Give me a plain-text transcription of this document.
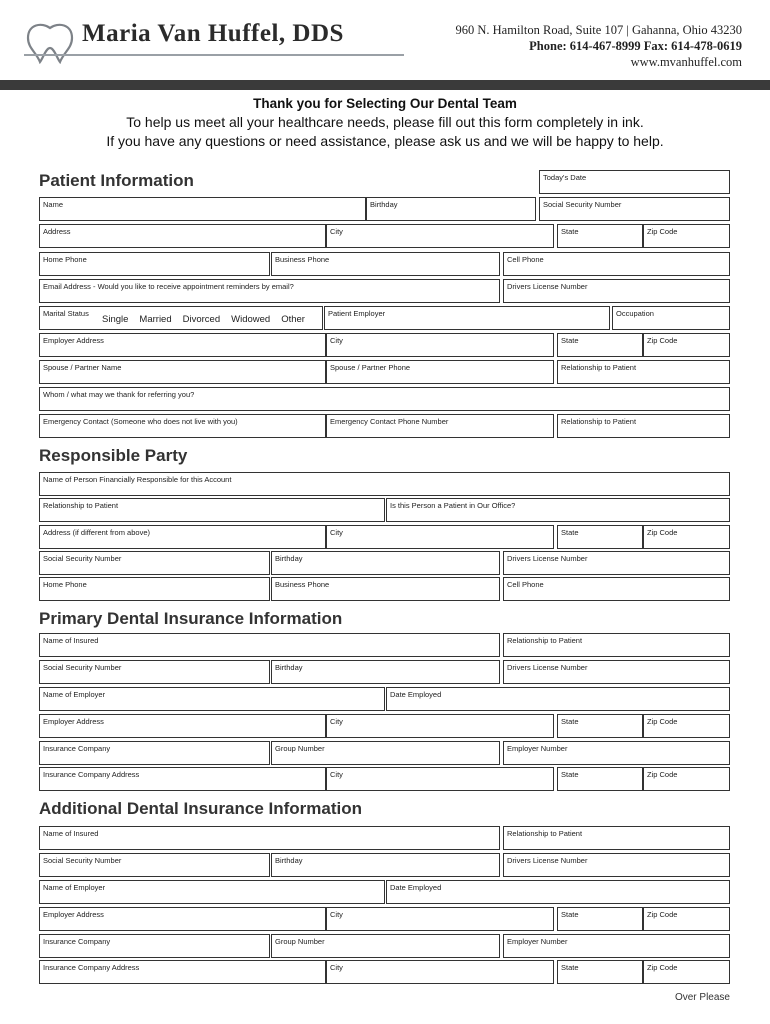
Maria Van Huffel, DDS	960 N. Hamilton Road, Suite 107 | Gahanna, Ohio 43230
Phone: 614-467-8999 Fax: 614-478-0619
www.mvanhuffel.com
Thank you for Selecting Our Dental Team
To help us meet all your healthcare needs, please fill out this form completely in ink.
If you have any questions or need assistance, please ask us and we will be happy to help.
Patient Information	Today's Date
Name	Birthday	Social Security Number
Address	City	State	Zip Code
Home Phone	Business Phone	Cell Phone
Email Address - Would you like to receive appointment reminders by email?	Drivers License Number
Marital Status
Single Married Divorced Widowed Other
Patient Employer	Occupation
Employer Address	City	State	Zip Code
Spouse / Partner Name	Spouse / Partner Phone	Relationship to Patient
Whom / what may we thank for referring you?
Emergency Contact (Someone who does not live with you)	Emergency Contact Phone Number	Relationship to Patient
Responsible Party
Name of Person Financially Responsible for this Account
Relationship to Patient	Is this Person a Patient in Our Office?
Address (if different from above)	City	State	Zip Code
Social Security Number	Birthday	Drivers License Number
Home Phone	Business Phone	Cell Phone
Primary Dental Insurance Information
Name of Insured	Relationship to Patient
Social Security Number	Birthday	Drivers License Number
Name of Employer	Date Employed
Employer Address	City	State	Zip Code
Insurance Company	Group Number	Employer Number
Insurance Company Address	City	State	Zip Code
Additional Dental Insurance Information
Name of Insured	Relationship to Patient
Social Security Number	Birthday	Drivers License Number
Name of Employer	Date Employed
Employer Address	City	State	Zip Code
Insurance Company	Group Number	Employer Number
Insurance Company Address	City	State	Zip Code
Over Please
